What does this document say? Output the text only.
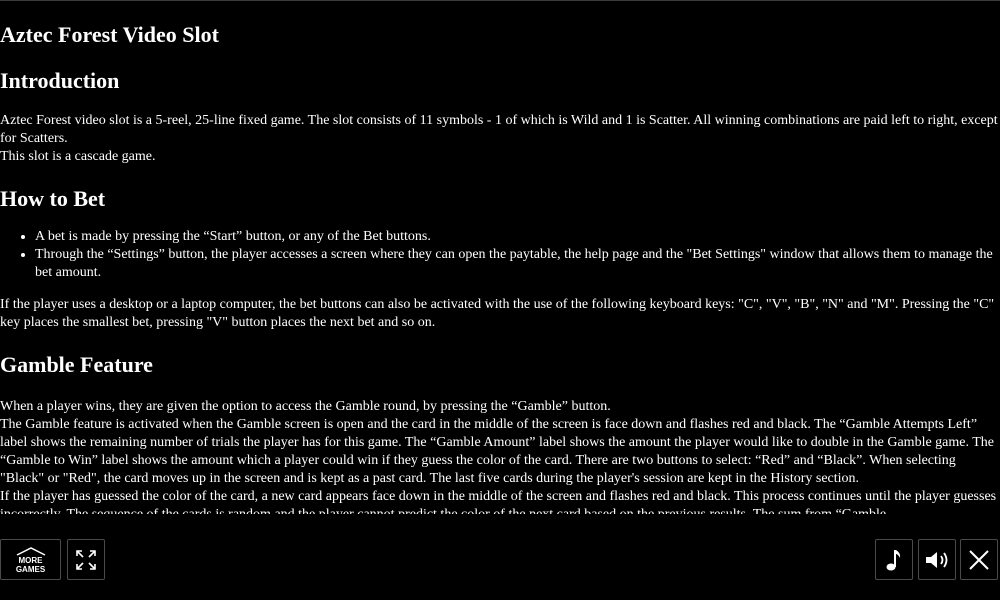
Aztec Forest Video Slot
Introduction

Aztec Forest video slot is a 5-reel, 25-line fixed game. The slot consists of 11 symbols - 1 of which is Wild and 1 is Scatter. All winning combinations are paid left to right, except for Scatters.

This slot is a cascade game.

How to Bet
• A bet is made by pressing the “Start” button, or any of the Bet buttons.
• Through the “Settings” button, the player accesses a screen where they can open the paytable, the help page and the "Bet Settings" window that allows them to manage the bet amount.

If the player uses a desktop or a laptop computer, the bet buttons can also be activated with the use of the following keyboard keys: "C", "V", "B", "N" and "M". Pressing the "C" key places the smallest bet, pressing "V" button places the next bet and so on.

Gamble Feature

When a player wins, they are given the option to access the Gamble round, by pressing the “Gamble” button.

The Gamble feature is activated when the Gamble screen is open and the card in the middle of the screen is face down and flashes red and black. The “Gamble Attempts Left” label shows the remaining number of trials the player has for this game. The “Gamble Amount” label shows the amount the player would like to double in the Gamble game. The “Gamble to Win” label shows the amount which a player could win if they guess the color of the card. There are two buttons to select: “Red” and “Black”. When selecting "Black" or "Red", the card moves up in the screen and is kept as a past card. The last five cards during the player's session are kept in the History section.

If the player has guessed the color of the card, a new card appears face down in the middle of the screen and flashes red and black. This process continues until the player guesses

MORE
GAMES
